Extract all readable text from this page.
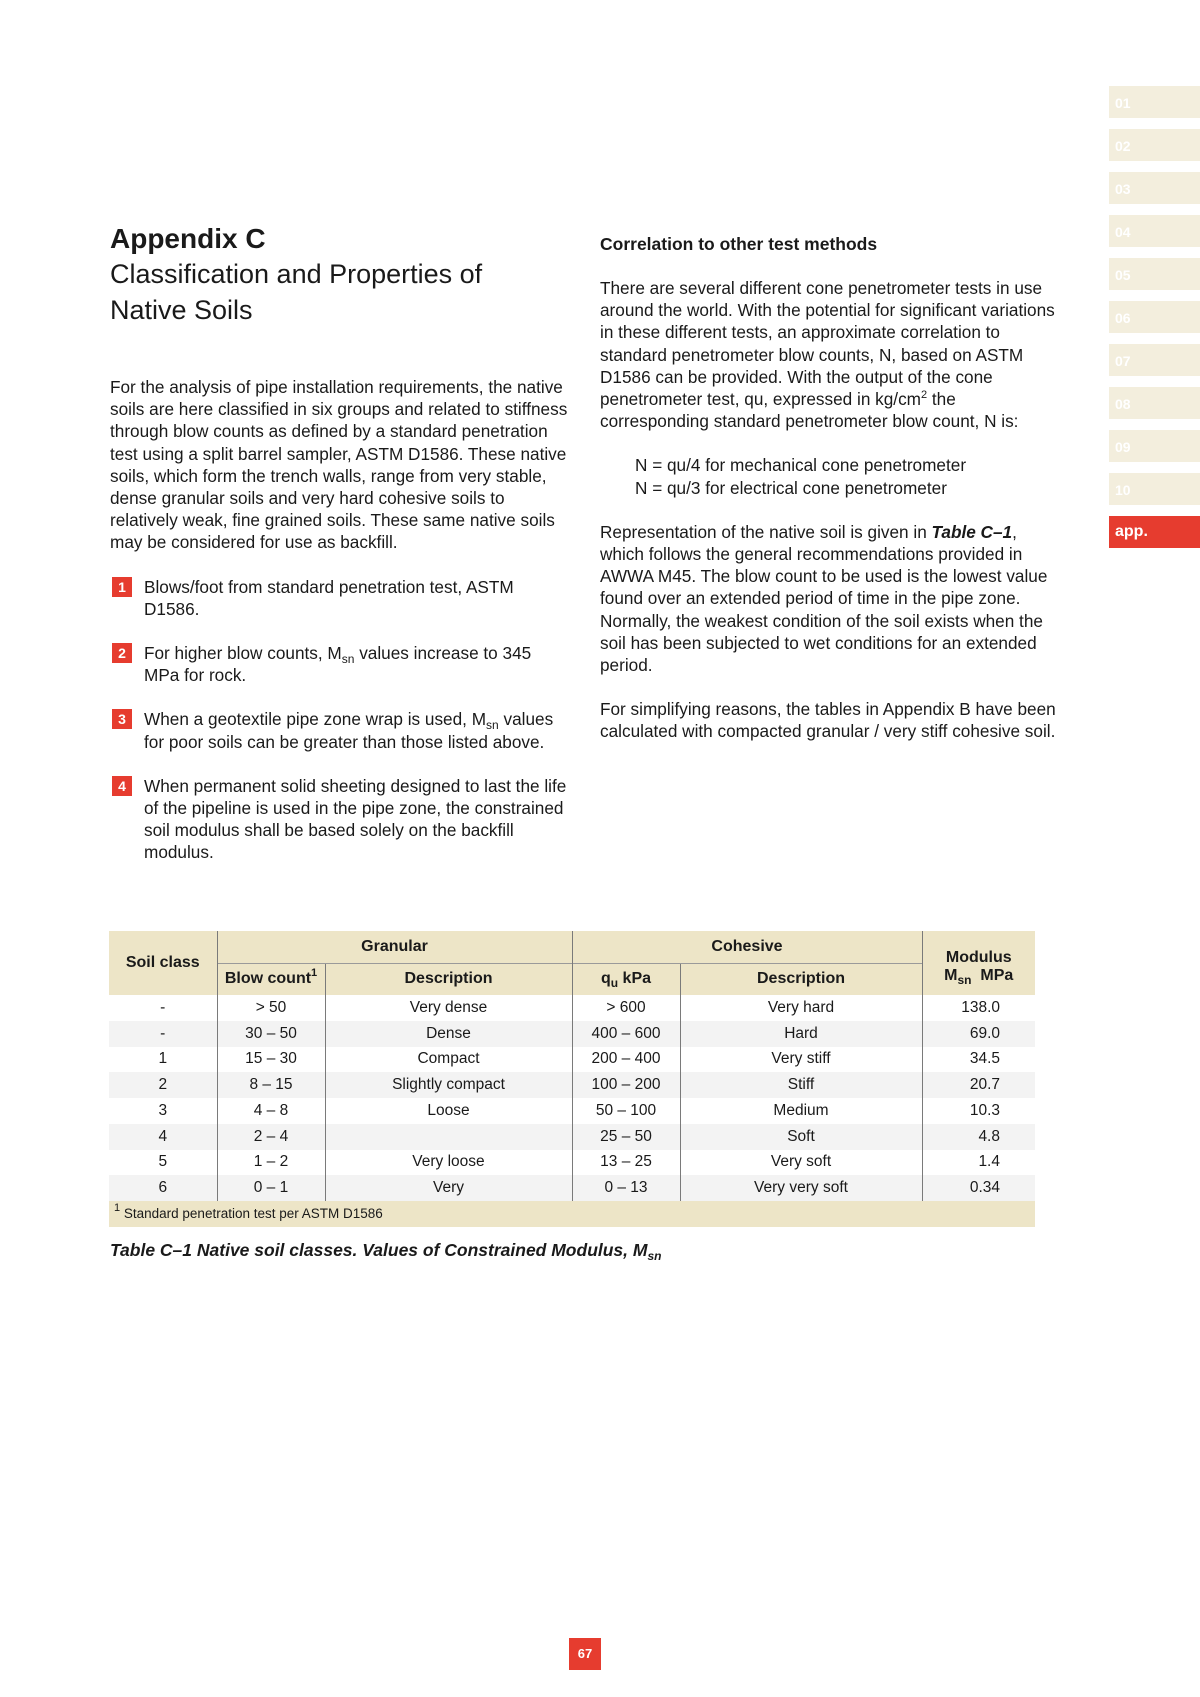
01
02
03
04
05
06
07
08
09
10
app.
Appendix C
Classification and Properties of Native Soils

For the analysis of pipe installation requirements, the native soils are here classified in six groups and related to stiffness through blow counts as defined by a standard penetration test using a split barrel sampler, ASTM D1586. These native soils, which form the trench walls, range from very stable, dense granular soils and very hard cohesive soils to relatively weak, fine grained soils. These same native soils may be considered for use as backfill.

1	Blows/foot from standard penetration test, ASTM D1586.
2	For higher blow counts, $M_{sn}$ values increase to 345 MPa for rock.
3	When a geotextile pipe zone wrap is used, $M_{sn}$ values for poor soils can be greater than those listed above.
4	When permanent solid sheeting designed to last the life of the pipeline is used in the pipe zone, the constrained soil modulus shall be based solely on the backfill modulus.
Correlation to other test methods

There are several different cone penetrometer tests in use around the world. With the potential for significant variations in these different tests, an approximate correlation to standard penetrometer blow counts, N, based on ASTM D1586 can be provided. With the output of the cone penetrometer test, qu, expressed in $kg/cm^2$ the corresponding standard penetrometer blow count, N is:

N = qu/4 for mechanical cone penetrometer

N = qu/3 for electrical cone penetrometer

Representation of the native soil is given in Table C–1, which follows the general recommendations provided in AWWA M45. The blow count to be used is the lowest value found over an extended period of time in the pipe zone. Normally, the weakest condition of the soil exists when the soil has been subjected to wet conditions for an extended period.

For simplifying reasons, the tables in Appendix B have been calculated with compacted granular / very stiff cohesive soil.

Soil class	Granular		Cohesive		Modulus
$M_{sn}$ MPa

	Blow count$^1$	Description	$q_u$ kPa	Description	
-	> 50	Very dense	> 600	Very hard	138.0
-	30 – 50	Dense	400 – 600	Hard	69.0
1	15 – 30	Compact	200 – 400	Very stiff	34.5
2	8 – 15	Slightly compact	100 – 200	Stiff	20.7
3	4 – 8	Loose	50 – 100	Medium	10.3
4	2 – 4		25 – 50	Soft	4.8
5	1 – 2	Very loose	13 – 25	Very soft	1.4
6	0 – 1	Very	0 – 13	Very very soft	0.34
$^1$ Standard penetration test per ASTM D1586					
Table C–1 Native soil classes. Values of Constrained Modulus, $M_{sn}$
67
